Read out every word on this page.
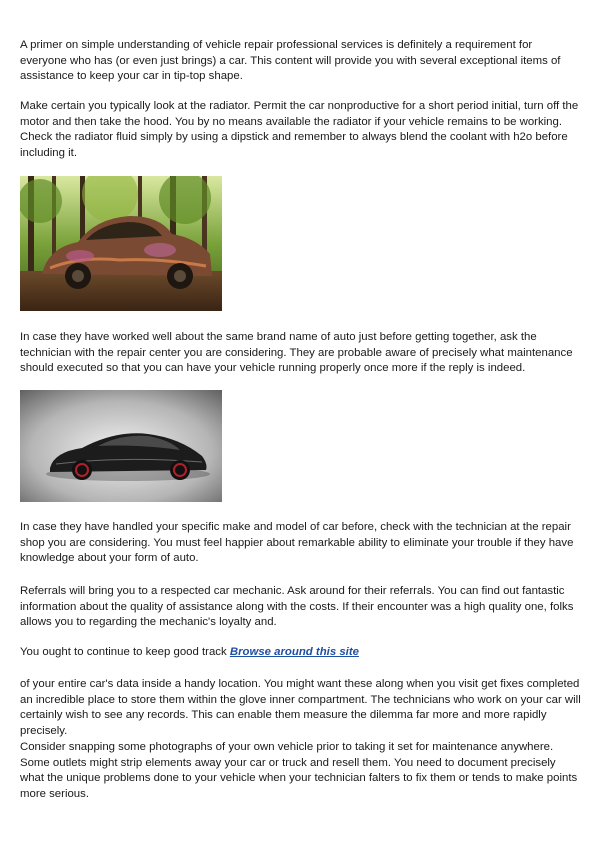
A primer on simple understanding of vehicle repair professional services is definitely a requirement for everyone who has (or even just brings) a car. This content will provide you with several exceptional items of assistance to keep your car in tip-top shape.

Make certain you typically look at the radiator. Permit the car nonproductive for a short period initial, turn off the motor and then take the hood. You by no means available the radiator if your vehicle remains to be working. Check the radiator fluid simply by using a dipstick and remember to always blend the coolant with h2o before including it.

In case they have worked well about the same brand name of auto just before getting together, ask the technician with the repair center you are considering. They are probable aware of precisely what maintenance should executed so that you can have your vehicle running properly once more if the reply is indeed.

In case they have handled your specific make and model of car before, check with the technician at the repair shop you are considering. You must feel happier about remarkable ability to eliminate your trouble if they have knowledge about your form of auto.

Referrals will bring you to a respected car mechanic. Ask around for their referrals. You can find out fantastic information about the quality of assistance along with the costs. If their encounter was a high quality one, folks allows you to regarding the mechanic's loyalty and.

You ought to continue to keep good track Browse around this site

of your entire car's data inside a handy location. You might want these along when you visit get fixes completed an incredible place to store them within the glove inner compartment. The technicians who work on your car will certainly wish to see any records. This can enable them measure the dilemma far more and more rapidly precisely.

Consider snapping some photographs of your own vehicle prior to taking it set for maintenance anywhere. Some outlets might strip elements away your car or truck and resell them. You need to document precisely what the unique problems done to your vehicle when your technician falters to fix them or tends to make points more serious.
